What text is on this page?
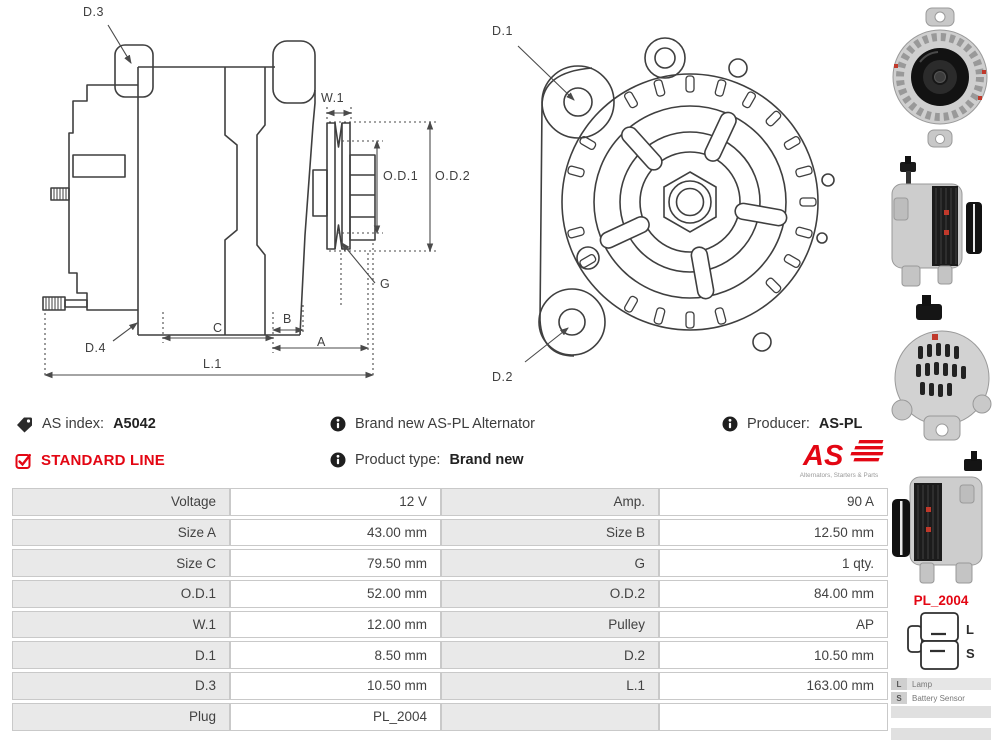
D.3
W.1
O.D.1 O.D.2
G
D.4
C
B
A
L.1
D.1
D.2
AS index: A5042	Brand new AS-PL Alternator	Producer: AS-PL
STANDARD LINE	Product type: Brand new	AS
Alternators, Starters & Parts
Voltage	12 V	Amp.	90 A
Size A	43.00 mm	Size B	12.50 mm
Size C	79.50 mm	G	1 qty.
O.D.1	52.00 mm	O.D.2	84.00 mm
W.1	12.00 mm	Pulley	AP
D.1	8.50 mm	D.2	10.50 mm
D.3	10.50 mm	L.1	163.00 mm
Plug	PL_2004
PL_2004
L
S
L	Lamp
S	Battery Sensor
